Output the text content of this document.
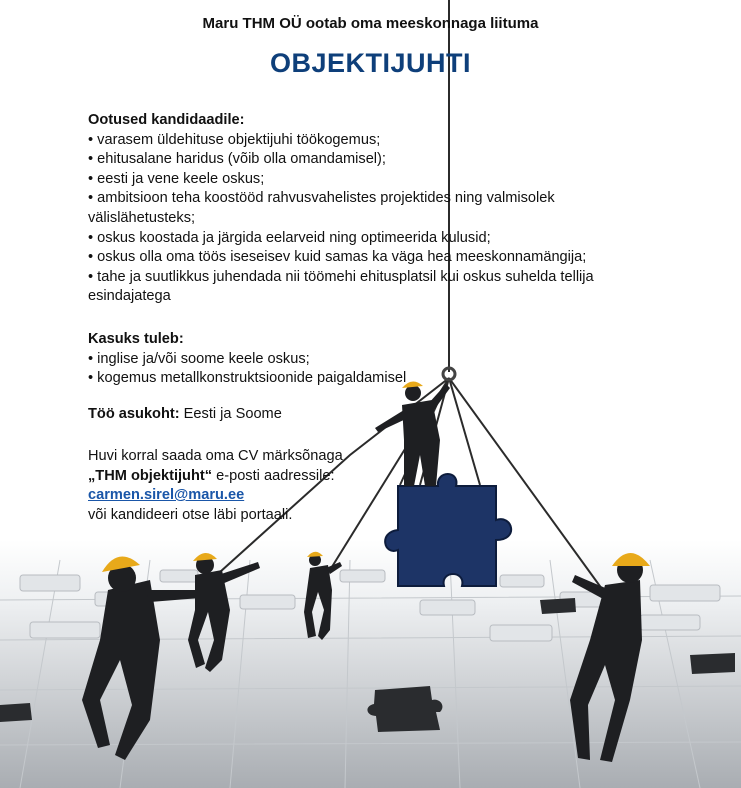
Maru THM OÜ ootab oma meeskonnaga liituma
OBJEKTIJUHTI
Ootused kandidaadile:
• varasem üldehituse objektijuhi töökogemus;
• ehitusalane haridus (võib olla omandamisel);
• eesti ja vene keele oskus;
• ambitsioon teha koostööd rahvusvahelistes projektides ning valmisolek välislähetusteks;
• oskus koostada ja järgida eelarveid ning optimeerida kulusid;
• oskus olla oma töös iseseisev kuid samas ka väga hea meeskonnamängija;
• tahe ja suutlikkus juhendada nii töömehi ehitusplatsil kui oskus suhelda tellija esindajatega
Kasuks tuleb:
• inglise ja/või soome keele oskus;
• kogemus metallkonstruktsioonide paigaldamisel
Töö asukoht: Eesti ja Soome
Huvi korral saada oma CV märksõnaga
„THM objektijuht“ e-posti aadressile:
carmen.sirel@maru.ee
või kandideeri otse läbi portaali.
